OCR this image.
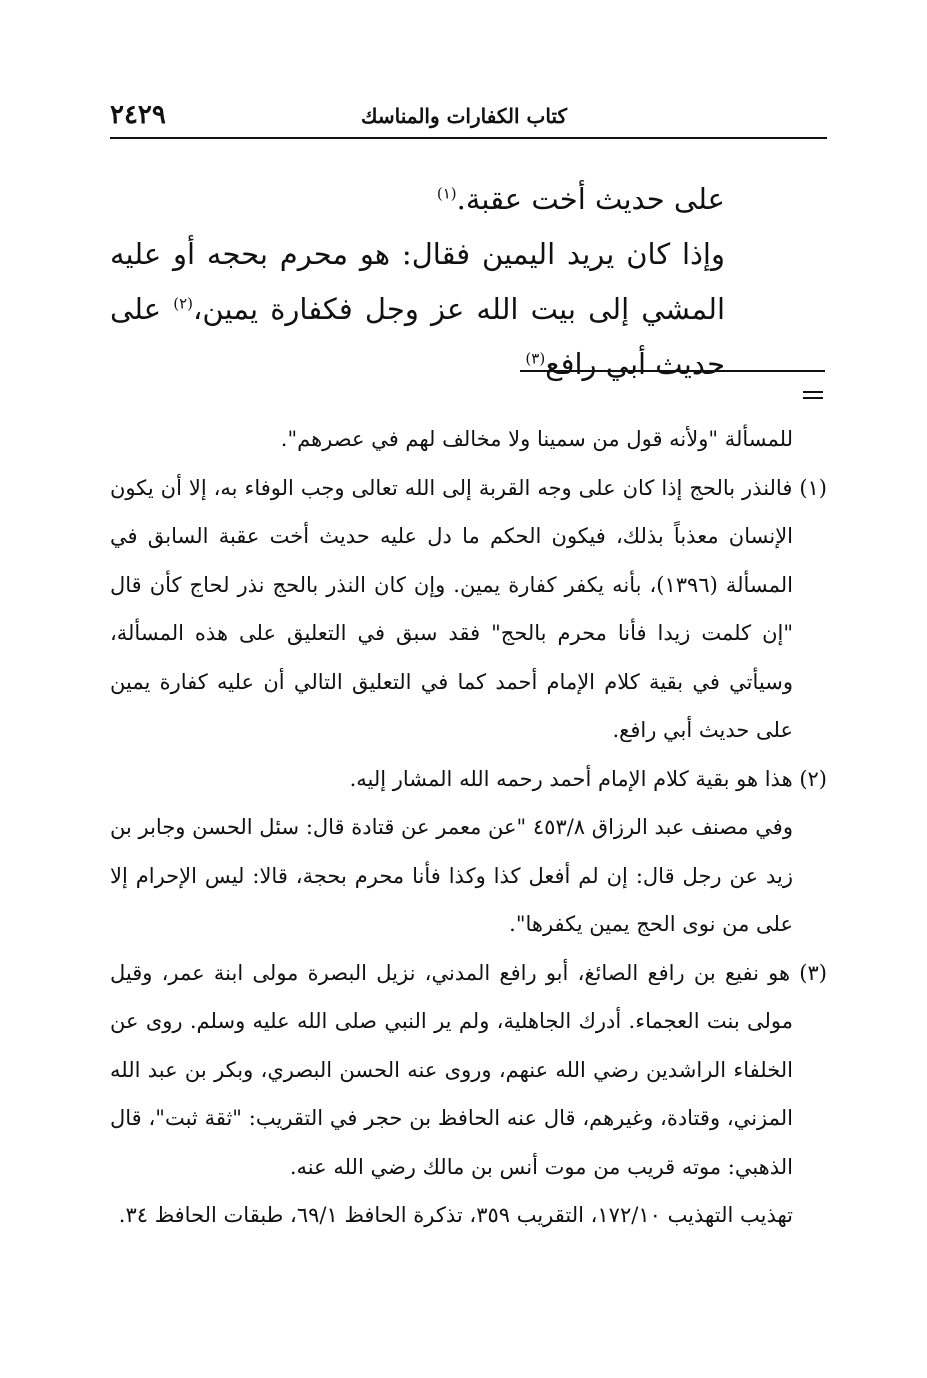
كتاب الكفارات والمناسك
٢٤٢٩

على حديث أخت عقبة.$^{(١)}$

وإذا كان يريد اليمين فقال: هو محرم بحجه أو عليه المشي إلى بيت الله عز وجل فكفارة يمين،$^{(٢)}$ على حديث أبي رافع$^{(٣)}$

للمسألة "ولأنه قول من سمينا ولا مخالف لهم في عصرهم".

(١) فالنذر بالحج إذا كان على وجه القربة إلى الله تعالى وجب الوفاء به، إلا أن يكون الإنسان معذباً بذلك، فيكون الحكم ما دل عليه حديث أخت عقبة السابق في المسألة (١٣٩٦)، بأنه يكفر كفارة يمين. وإن كان النذر بالحج نذر لحاج كأن قال "إن كلمت زيدا فأنا محرم بالحج" فقد سبق في التعليق على هذه المسألة، وسيأتي في بقية كلام الإمام أحمد كما في التعليق التالي أن عليه كفارة يمين على حديث أبي رافع.

(٢) هذا هو بقية كلام الإمام أحمد رحمه الله المشار إليه.

وفي مصنف عبد الرزاق ٤٥٣/٨ "عن معمر عن قتادة قال: سئل الحسن وجابر بن زيد عن رجل قال: إن لم أفعل كذا وكذا فأنا محرم بحجة، قالا: ليس الإحرام إلا على من نوى الحج يمين يكفرها".

(٣) هو نفيع بن رافع الصائغ، أبو رافع المدني، نزيل البصرة مولى ابنة عمر، وقيل مولى بنت العجماء. أدرك الجاهلية، ولم ير النبي صلى الله عليه وسلم. روى عن الخلفاء الراشدين رضي الله عنهم، وروى عنه الحسن البصري، وبكر بن عبد الله المزني، وقتادة، وغيرهم، قال عنه الحافظ بن حجر في التقريب: "ثقة ثبت"، قال الذهبي: موته قريب من موت أنس بن مالك رضي الله عنه.

تهذيب التهذيب ١٧٢/١٠، التقريب ٣٥٩، تذكرة الحافظ ٦٩/١، طبقات الحافظ ٣٤.
